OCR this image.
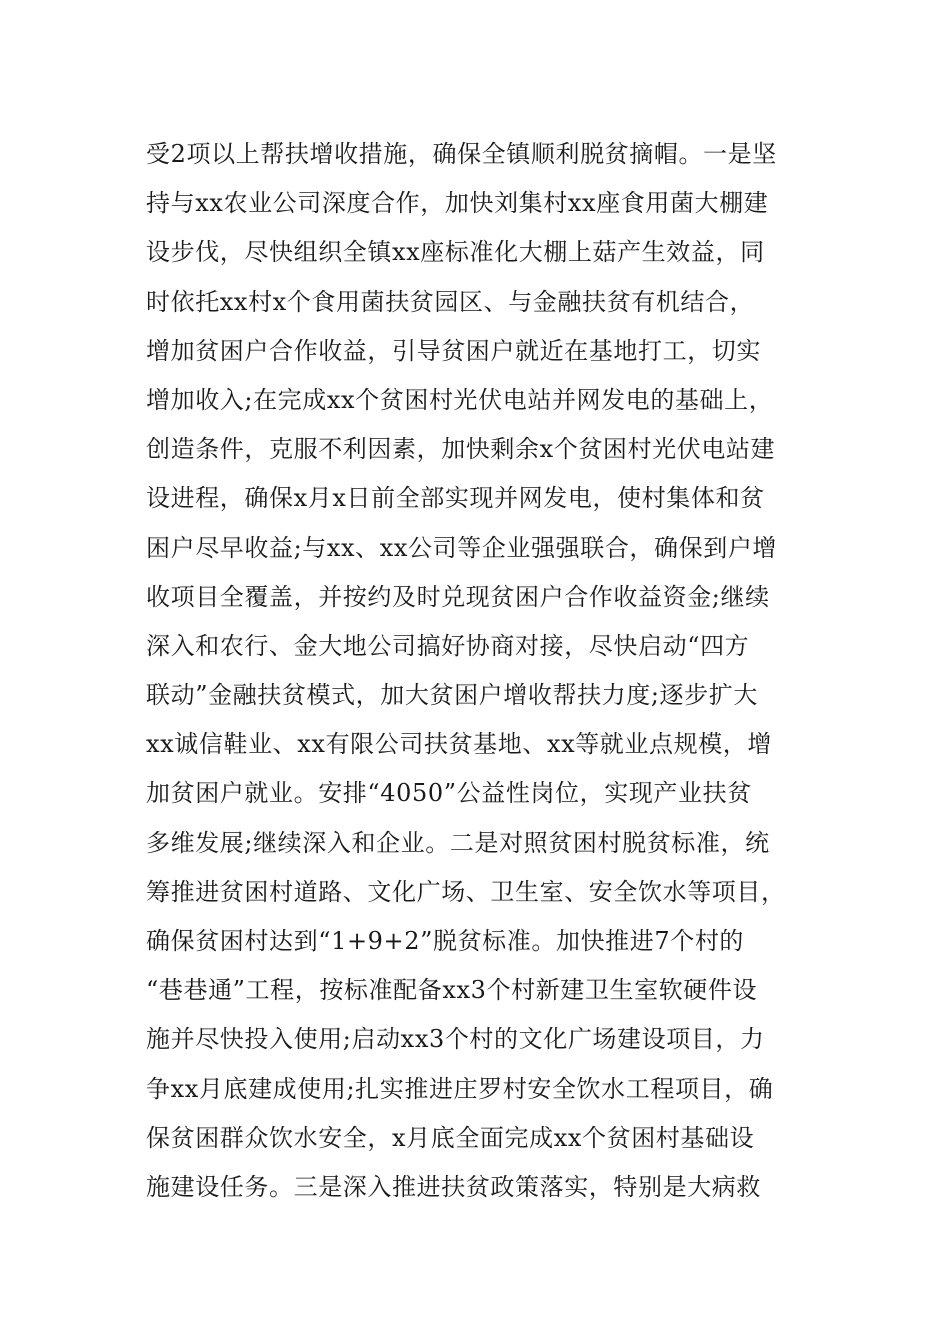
受2项以上帮扶增收措施，确保全镇顺利脱贫摘帽。一是坚
持与xx农业公司深度合作，加快刘集村xx座食用菌大棚建
设步伐，尽快组织全镇xx座标准化大棚上菇产生效益，同
时依托xx村x个食用菌扶贫园区、与金融扶贫有机结合，
增加贫困户合作收益，引导贫困户就近在基地打工，切实
增加收入;在完成xx个贫困村光伏电站并网发电的基础上，
创造条件，克服不利因素，加快剩余x个贫困村光伏电站建
设进程，确保x月x日前全部实现并网发电，使村集体和贫
困户尽早收益;与xx、xx公司等企业强强联合，确保到户增
收项目全覆盖，并按约及时兑现贫困户合作收益资金;继续
深入和农行、金大地公司搞好协商对接，尽快启动“四方
联动”金融扶贫模式，加大贫困户增收帮扶力度;逐步扩大
xx诚信鞋业、xx有限公司扶贫基地、xx等就业点规模，增
加贫困户就业。安排“4050”公益性岗位，实现产业扶贫
多维发展;继续深入和企业。二是对照贫困村脱贫标准，统
筹推进贫困村道路、文化广场、卫生室、安全饮水等项目，
确保贫困村达到“1+9+2”脱贫标准。加快推进7个村的
“巷巷通”工程，按标准配备xx3个村新建卫生室软硬件设
施并尽快投入使用;启动xx3个村的文化广场建设项目，力
争xx月底建成使用;扎实推进庄罗村安全饮水工程项目，确
保贫困群众饮水安全，x月底全面完成xx个贫困村基础设
施建设任务。三是深入推进扶贫政策落实，特别是大病救
